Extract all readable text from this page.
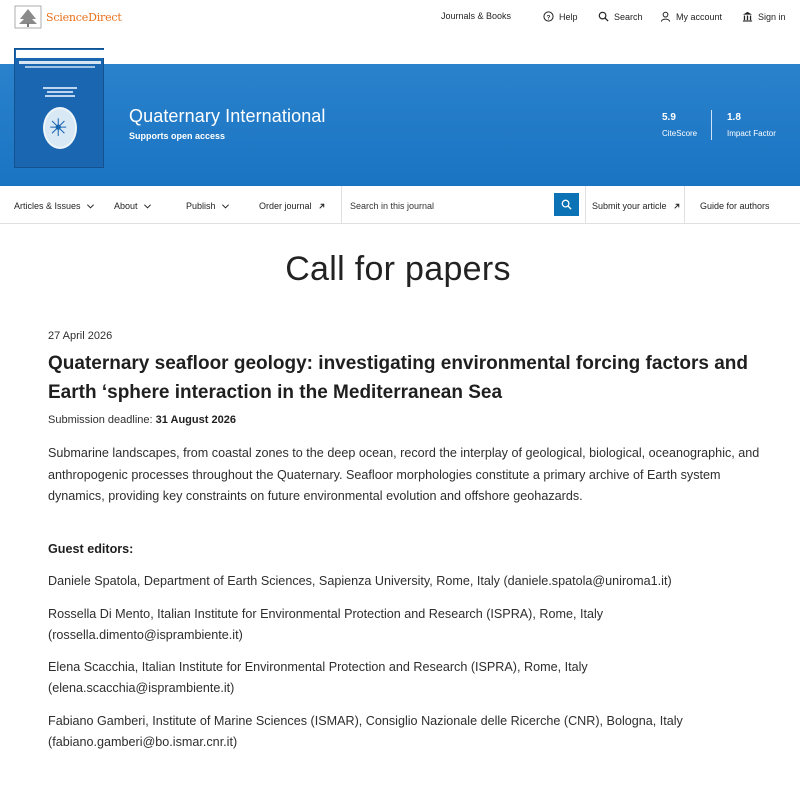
ScienceDirect	Journals & Books	? Help	Search	My account	Sign in
Quaternary International
Supports open access
5.9
CiteScore
1.8
Impact Factor
Articles & Issues	About	Publish	Order journal	Submit your article	Guide for authors
Search in this journal
Call for papers
27 April 2026
Quaternary seafloor geology: investigating environmental forcing factors and Earth ‘sphere interaction in the Mediterranean Sea
Submission deadline: 31 August 2026

Submarine landscapes, from coastal zones to the deep ocean, record the interplay of geological, biological, oceanographic, and anthropogenic processes throughout the Quaternary. Seafloor morphologies constitute a primary archive of Earth system dynamics, providing key constraints on future environmental evolution and offshore geohazards.

Guest editors:

Daniele Spatola, Department of Earth Sciences, Sapienza University, Rome, Italy (daniele.spatola@uniroma1.it)

Rossella Di Mento, Italian Institute for Environmental Protection and Research (ISPRA), Rome, Italy (rossella.dimento@isprambiente.it)

Elena Scacchia, Italian Institute for Environmental Protection and Research (ISPRA), Rome, Italy (elena.scacchia@isprambiente.it)

Fabiano Gamberi, Institute of Marine Sciences (ISMAR), Consiglio Nazionale delle Ricerche (CNR), Bologna, Italy (fabiano.gamberi@bo.ismar.cnr.it)
